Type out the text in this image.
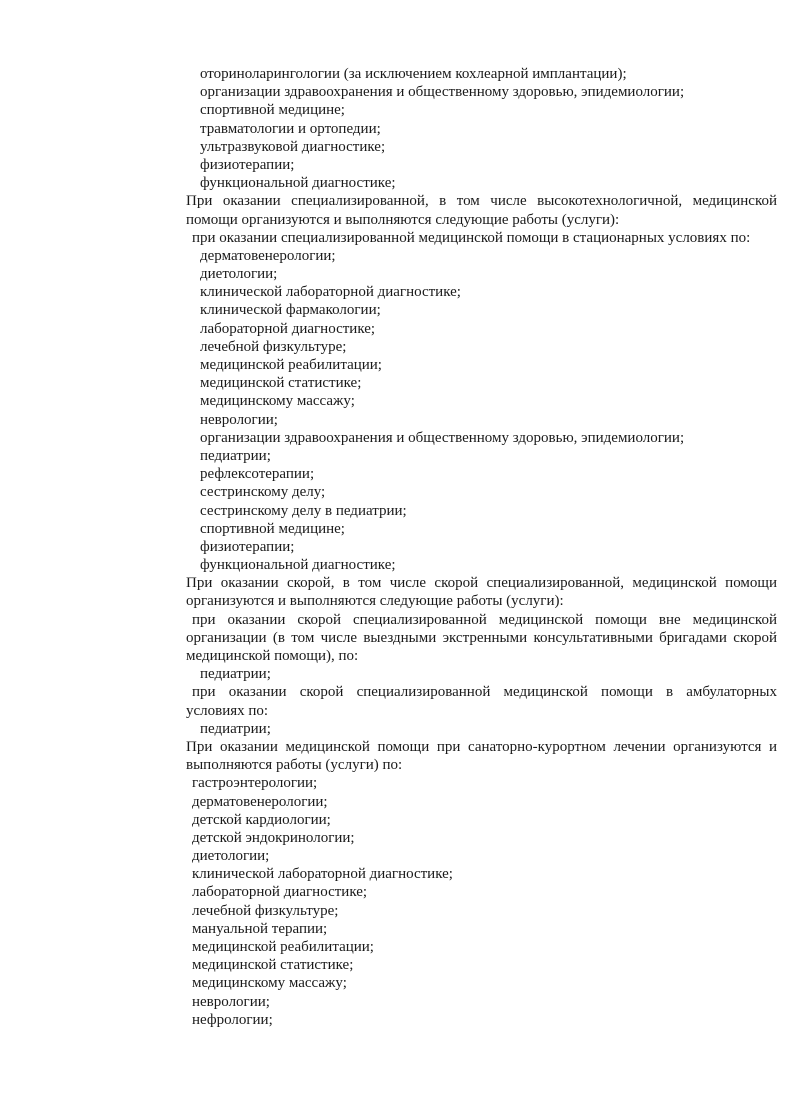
оториноларингологии (за исключением кохлеарной имплантации);
организации здравоохранения и общественному здоровью, эпидемиологии;
спортивной медицине;
травматологии и ортопедии;
ультразвуковой диагностике;
физиотерапии;
функциональной диагностике;
При оказании специализированной, в том числе высокотехнологичной, медицинской
помощи организуются и выполняются следующие работы (услуги):
при оказании специализированной медицинской помощи в стационарных условиях по:
дерматовенерологии;
диетологии;
клинической лабораторной диагностике;
клинической фармакологии;
лабораторной диагностике;
лечебной физкультуре;
медицинской реабилитации;
медицинской статистике;
медицинскому массажу;
неврологии;
организации здравоохранения и общественному здоровью, эпидемиологии;
педиатрии;
рефлексотерапии;
сестринскому делу;
сестринскому делу в педиатрии;
спортивной медицине;
физиотерапии;
функциональной диагностике;
При оказании скорой, в том числе скорой специализированной, медицинской помощи
организуются и выполняются следующие работы (услуги):
при оказании скорой специализированной медицинской помощи вне медицинской
организации (в том числе выездными экстренными консультативными бригадами скорой
медицинской помощи), по:
педиатрии;
при оказании скорой специализированной медицинской помощи в амбулаторных
условиях по:
педиатрии;
При оказании медицинской помощи при санаторно-курортном лечении организуются и
выполняются работы (услуги) по:
гастроэнтерологии;
дерматовенерологии;
детской кардиологии;
детской эндокринологии;
диетологии;
клинической лабораторной диагностике;
лабораторной диагностике;
лечебной физкультуре;
мануальной терапии;
медицинской реабилитации;
медицинской статистике;
медицинскому массажу;
неврологии;
нефрологии;
